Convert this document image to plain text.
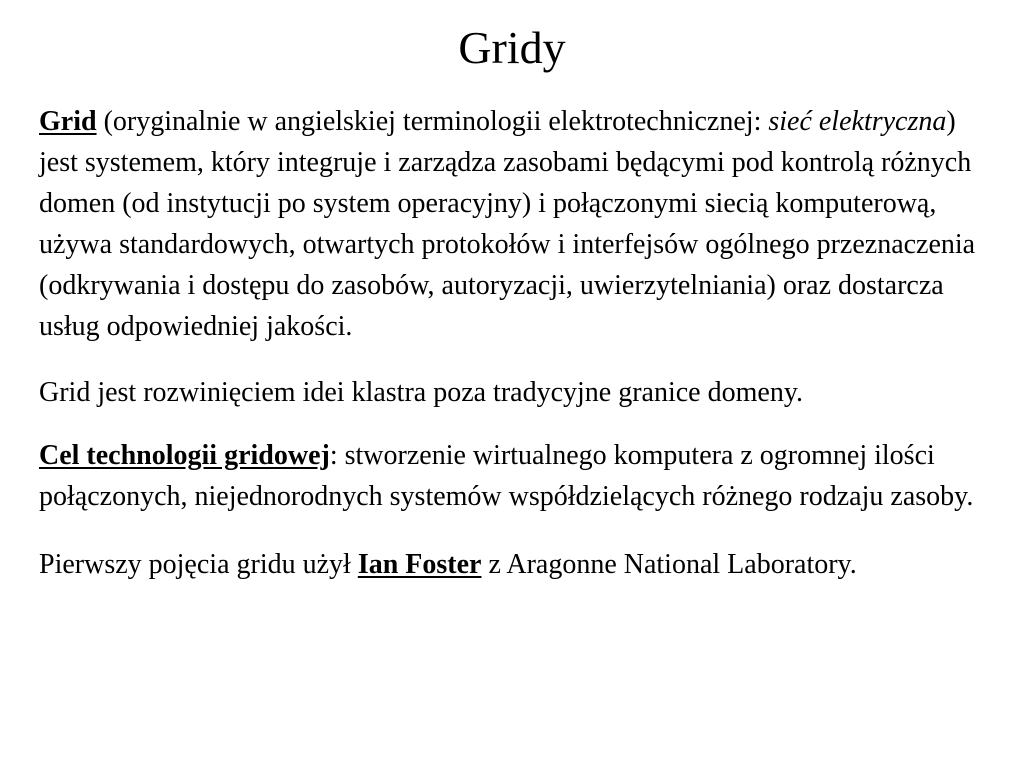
Gridy

Grid (oryginalnie w angielskiej terminologii elektrotechnicznej: sieć elektryczna) jest systemem, który integruje i zarządza zasobami będącymi pod kontrolą różnych domen (od instytucji po system operacyjny) i połączonymi siecią komputerową, używa standardowych, otwartych protokołów i interfejsów ogólnego przeznaczenia (odkrywania i dostępu do zasobów, autoryzacji, uwierzytelniania) oraz dostarcza usług odpowiedniej jakości.

Grid jest rozwinięciem idei klastra poza tradycyjne granice domeny.

Cel technologii gridowej: stworzenie wirtualnego komputera z ogromnej ilości połączonych, niejednorodnych systemów współdzielących różnego rodzaju zasoby.

Pierwszy pojęcia gridu użył Ian Foster z Aragonne National Laboratory.
